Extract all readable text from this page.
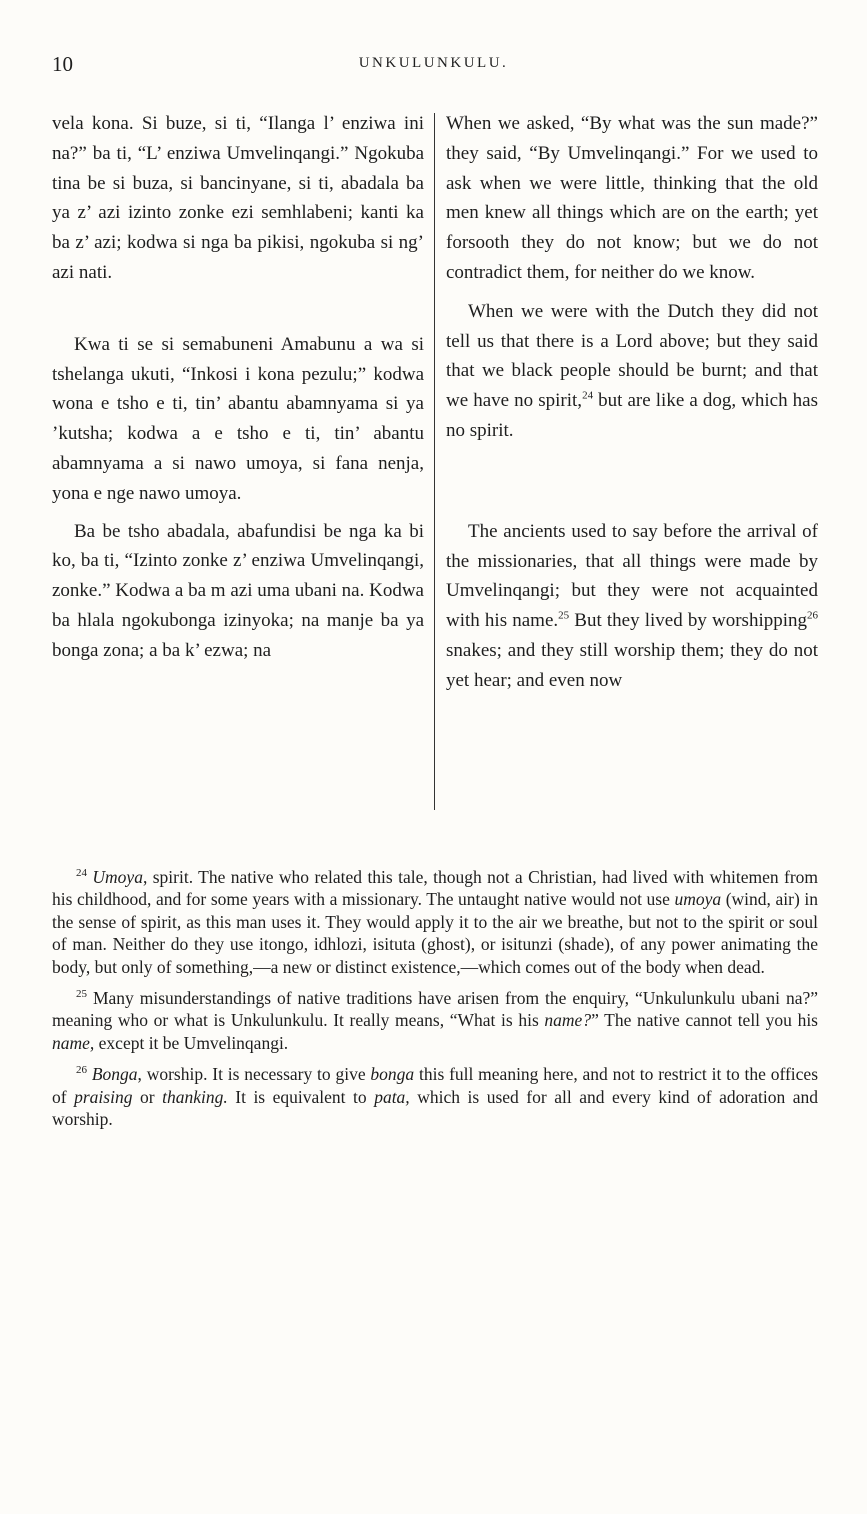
10	UNKULUNKULU.

vela kona. Si buze, si ti, “Ilanga l’ enziwa ini na?” ba ti, “L’ enziwa Umvelinqangi.” Ngokuba tina be si buza, si bancinyane, si ti, abadala ba ya z’ azi izinto zonke ezi semhlabeni; kanti ka ba z’ azi; kodwa si nga ba pikisi, ngokuba si ng’ azi nati.

Kwa ti se si semabuneni Amabunu a wa si tshelanga ukuti, “Inkosi i kona pezulu;” kodwa wona e tsho e ti, tin’ abantu abamnyama si ya ’kutsha; kodwa a e tsho e ti, tin’ abantu abamnyama a si nawo umoya, si fana nenja, yona e nge nawo umoya.

Ba be tsho abadala, abafundisi be nga ka bi ko, ba ti, “Izinto zonke z’ enziwa Umvelinqangi, zonke.” Kodwa a ba m azi uma ubani na. Kodwa ba hlala ngokubonga izinyoka; na manje ba ya bonga zona; a ba k’ ezwa; na

When we asked, “By what was the sun made?” they said, “By Umvelinqangi.” For we used to ask when we were little, thinking that the old men knew all things which are on the earth; yet forsooth they do not know; but we do not contradict them, for neither do we know.

When we were with the Dutch they did not tell us that there is a Lord above; but they said that we black people should be burnt; and that we have no spirit,$^{24}$ but are like a dog, which has no spirit.

The ancients used to say before the arrival of the missionaries, that all things were made by Umvelinqangi; but they were not acquainted with his name.$^{25}$ But they lived by worshipping$^{26}$ snakes; and they still worship them; they do not yet hear; and even now

$^{24}$ Umoya, spirit. The native who related this tale, though not a Christian, had lived with whitemen from his childhood, and for some years with a missionary. The untaught native would not use umoya (wind, air) in the sense of spirit, as this man uses it. They would apply it to the air we breathe, but not to the spirit or soul of man. Neither do they use itongo, idhlozi, isituta (ghost), or isitunzi (shade), of any power animating the body, but only of something,—a new or distinct existence,—which comes out of the body when dead.

$^{25}$ Many misunderstandings of native traditions have arisen from the enquiry, “Unkulunkulu ubani na?” meaning who or what is Unkulunkulu. It really means, “What is his name?” The native cannot tell you his name, except it be Umvelinqangi.

$^{26}$ Bonga, worship. It is necessary to give bonga this full meaning here, and not to restrict it to the offices of praising or thanking. It is equivalent to pata, which is used for all and every kind of adoration and worship.
